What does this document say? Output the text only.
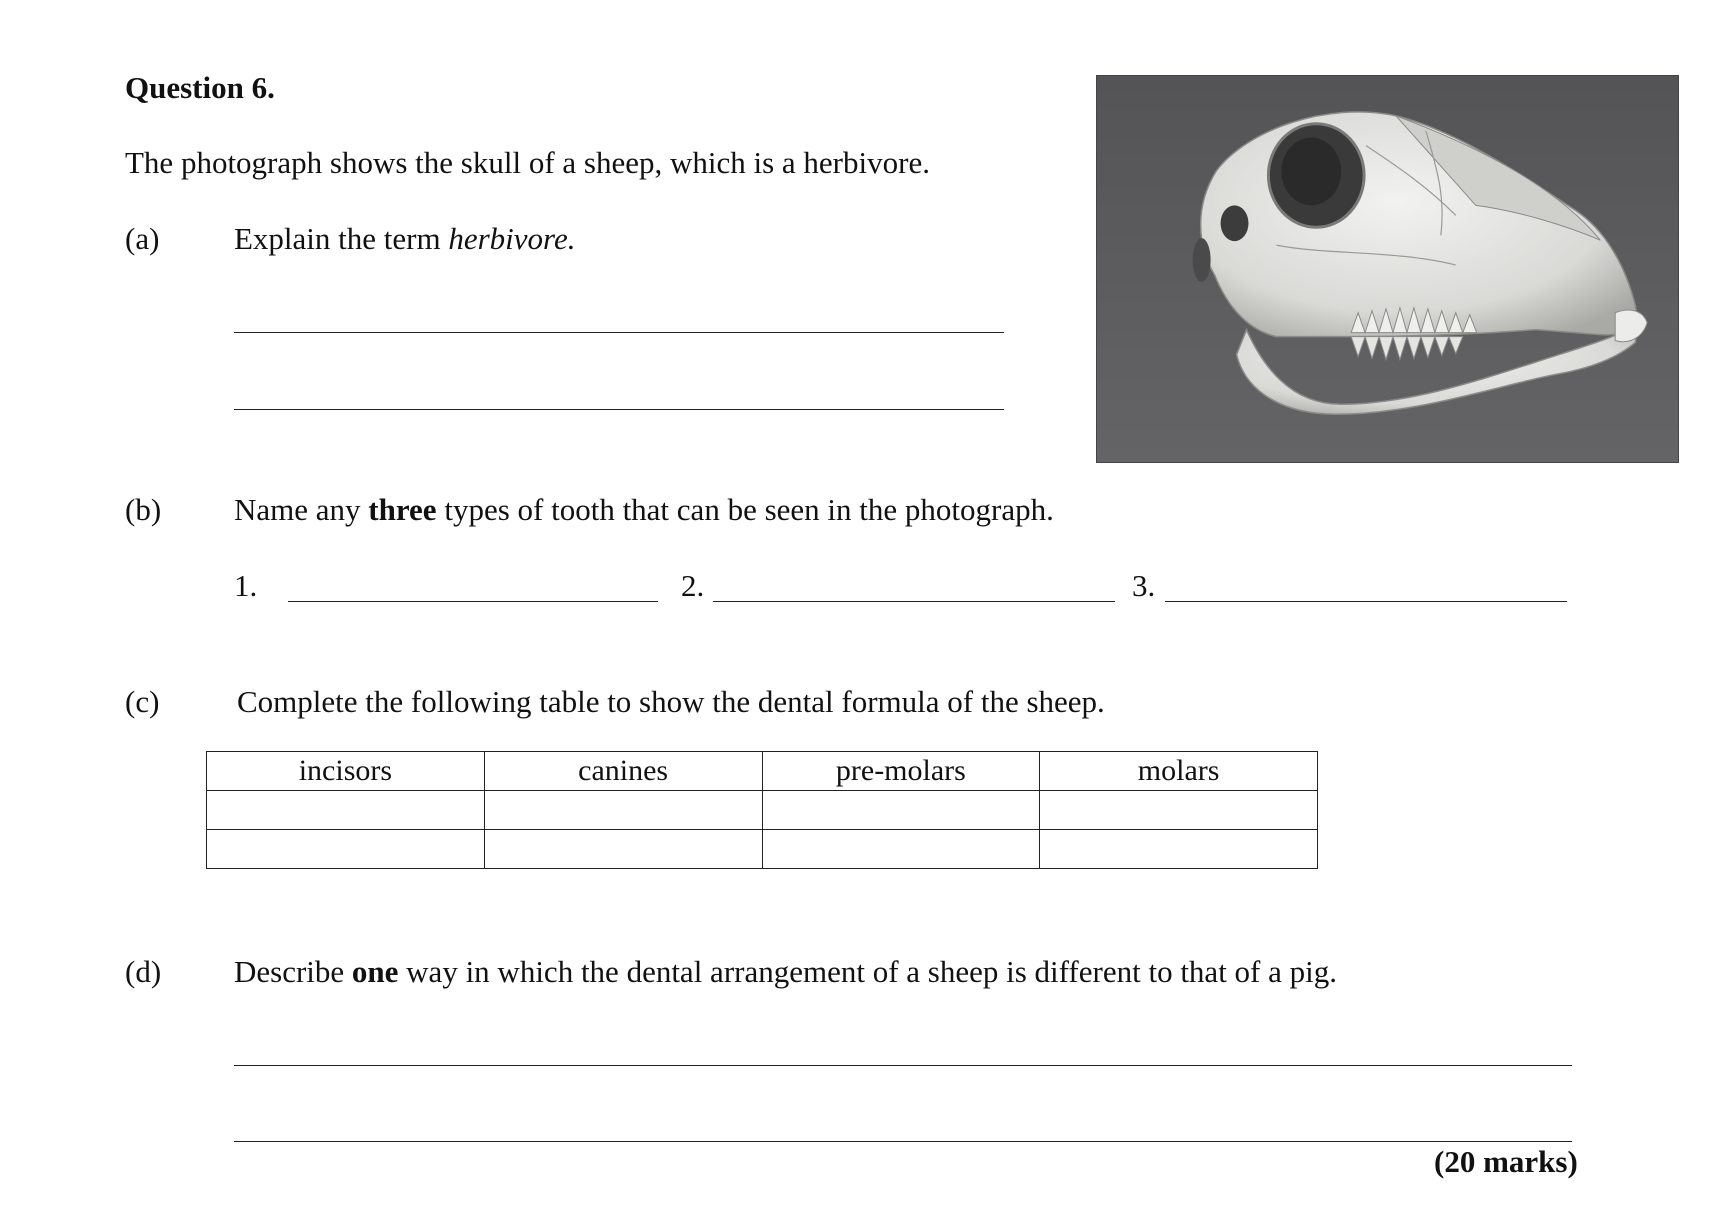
Question 6.
The photograph shows the skull of a sheep, which is a herbivore.
(a) Explain the term herbivore.
(b) Name any three types of tooth that can be seen in the photograph.
1.	2.	3.
(c)	Complete the following table to show the dental formula of the sheep.
incisors	canines	pre-molars	molars

(d) Describe one way in which the dental arrangement of a sheep is different to that of a pig.
(20 marks)
